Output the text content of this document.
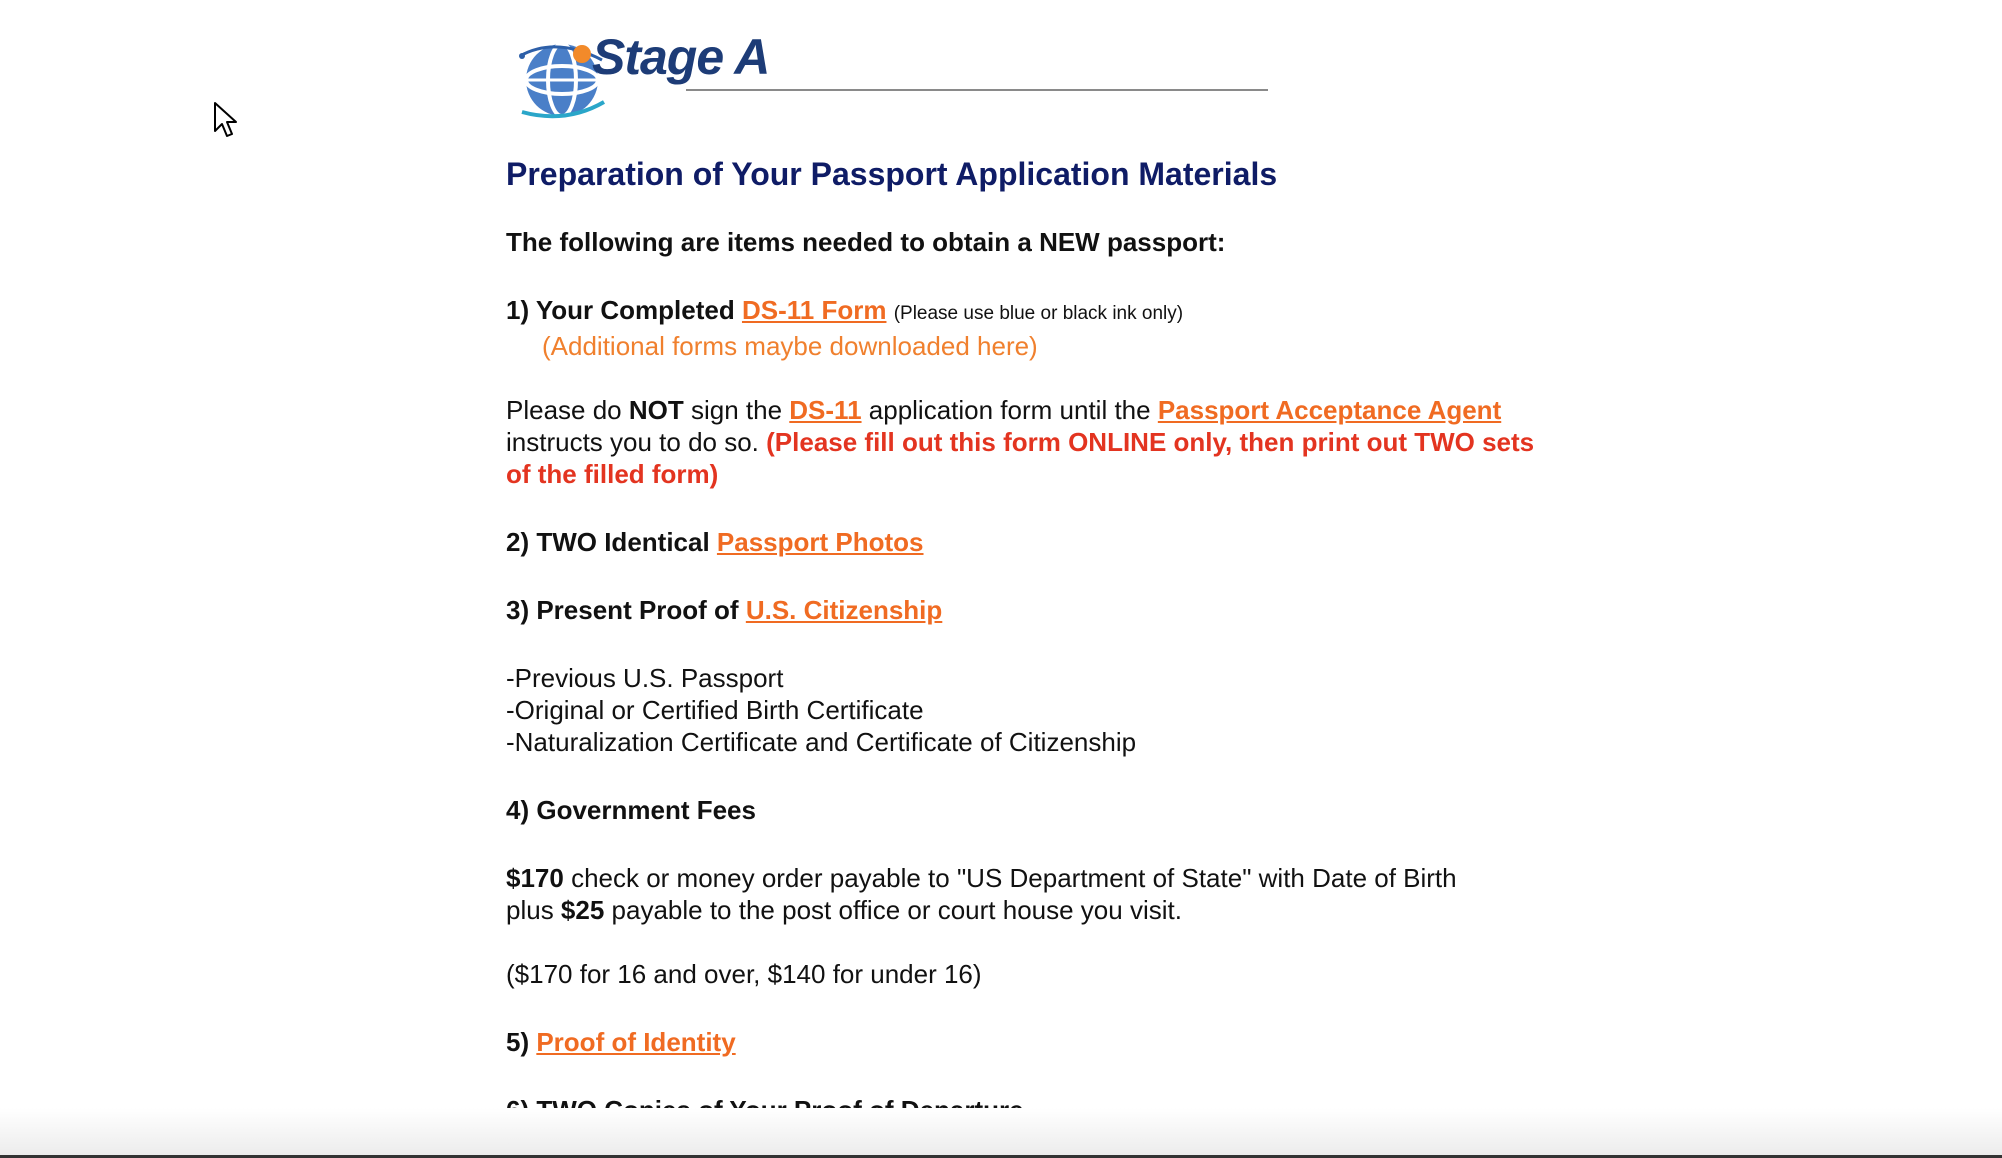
Stage A
Preparation of Your Passport Application Materials

The following are items needed to obtain a NEW passport:

1) Your Completed DS-11 Form (Please use blue or black ink only)

(Additional forms maybe downloaded here)

Please do NOT sign the DS-11 application form until the Passport Acceptance Agent instructs you to do so. (Please fill out this form ONLINE only, then print out TWO sets of the filled form)

2) TWO Identical Passport Photos

3) Present Proof of U.S. Citizenship

-Previous U.S. Passport

-Original or Certified Birth Certificate

-Naturalization Certificate and Certificate of Citizenship

4) Government Fees

$170 check or money order payable to "US Department of State" with Date of Birth plus $25 payable to the post office or court house you visit.

($170 for 16 and over, $140 for under 16)

5) Proof of Identity
